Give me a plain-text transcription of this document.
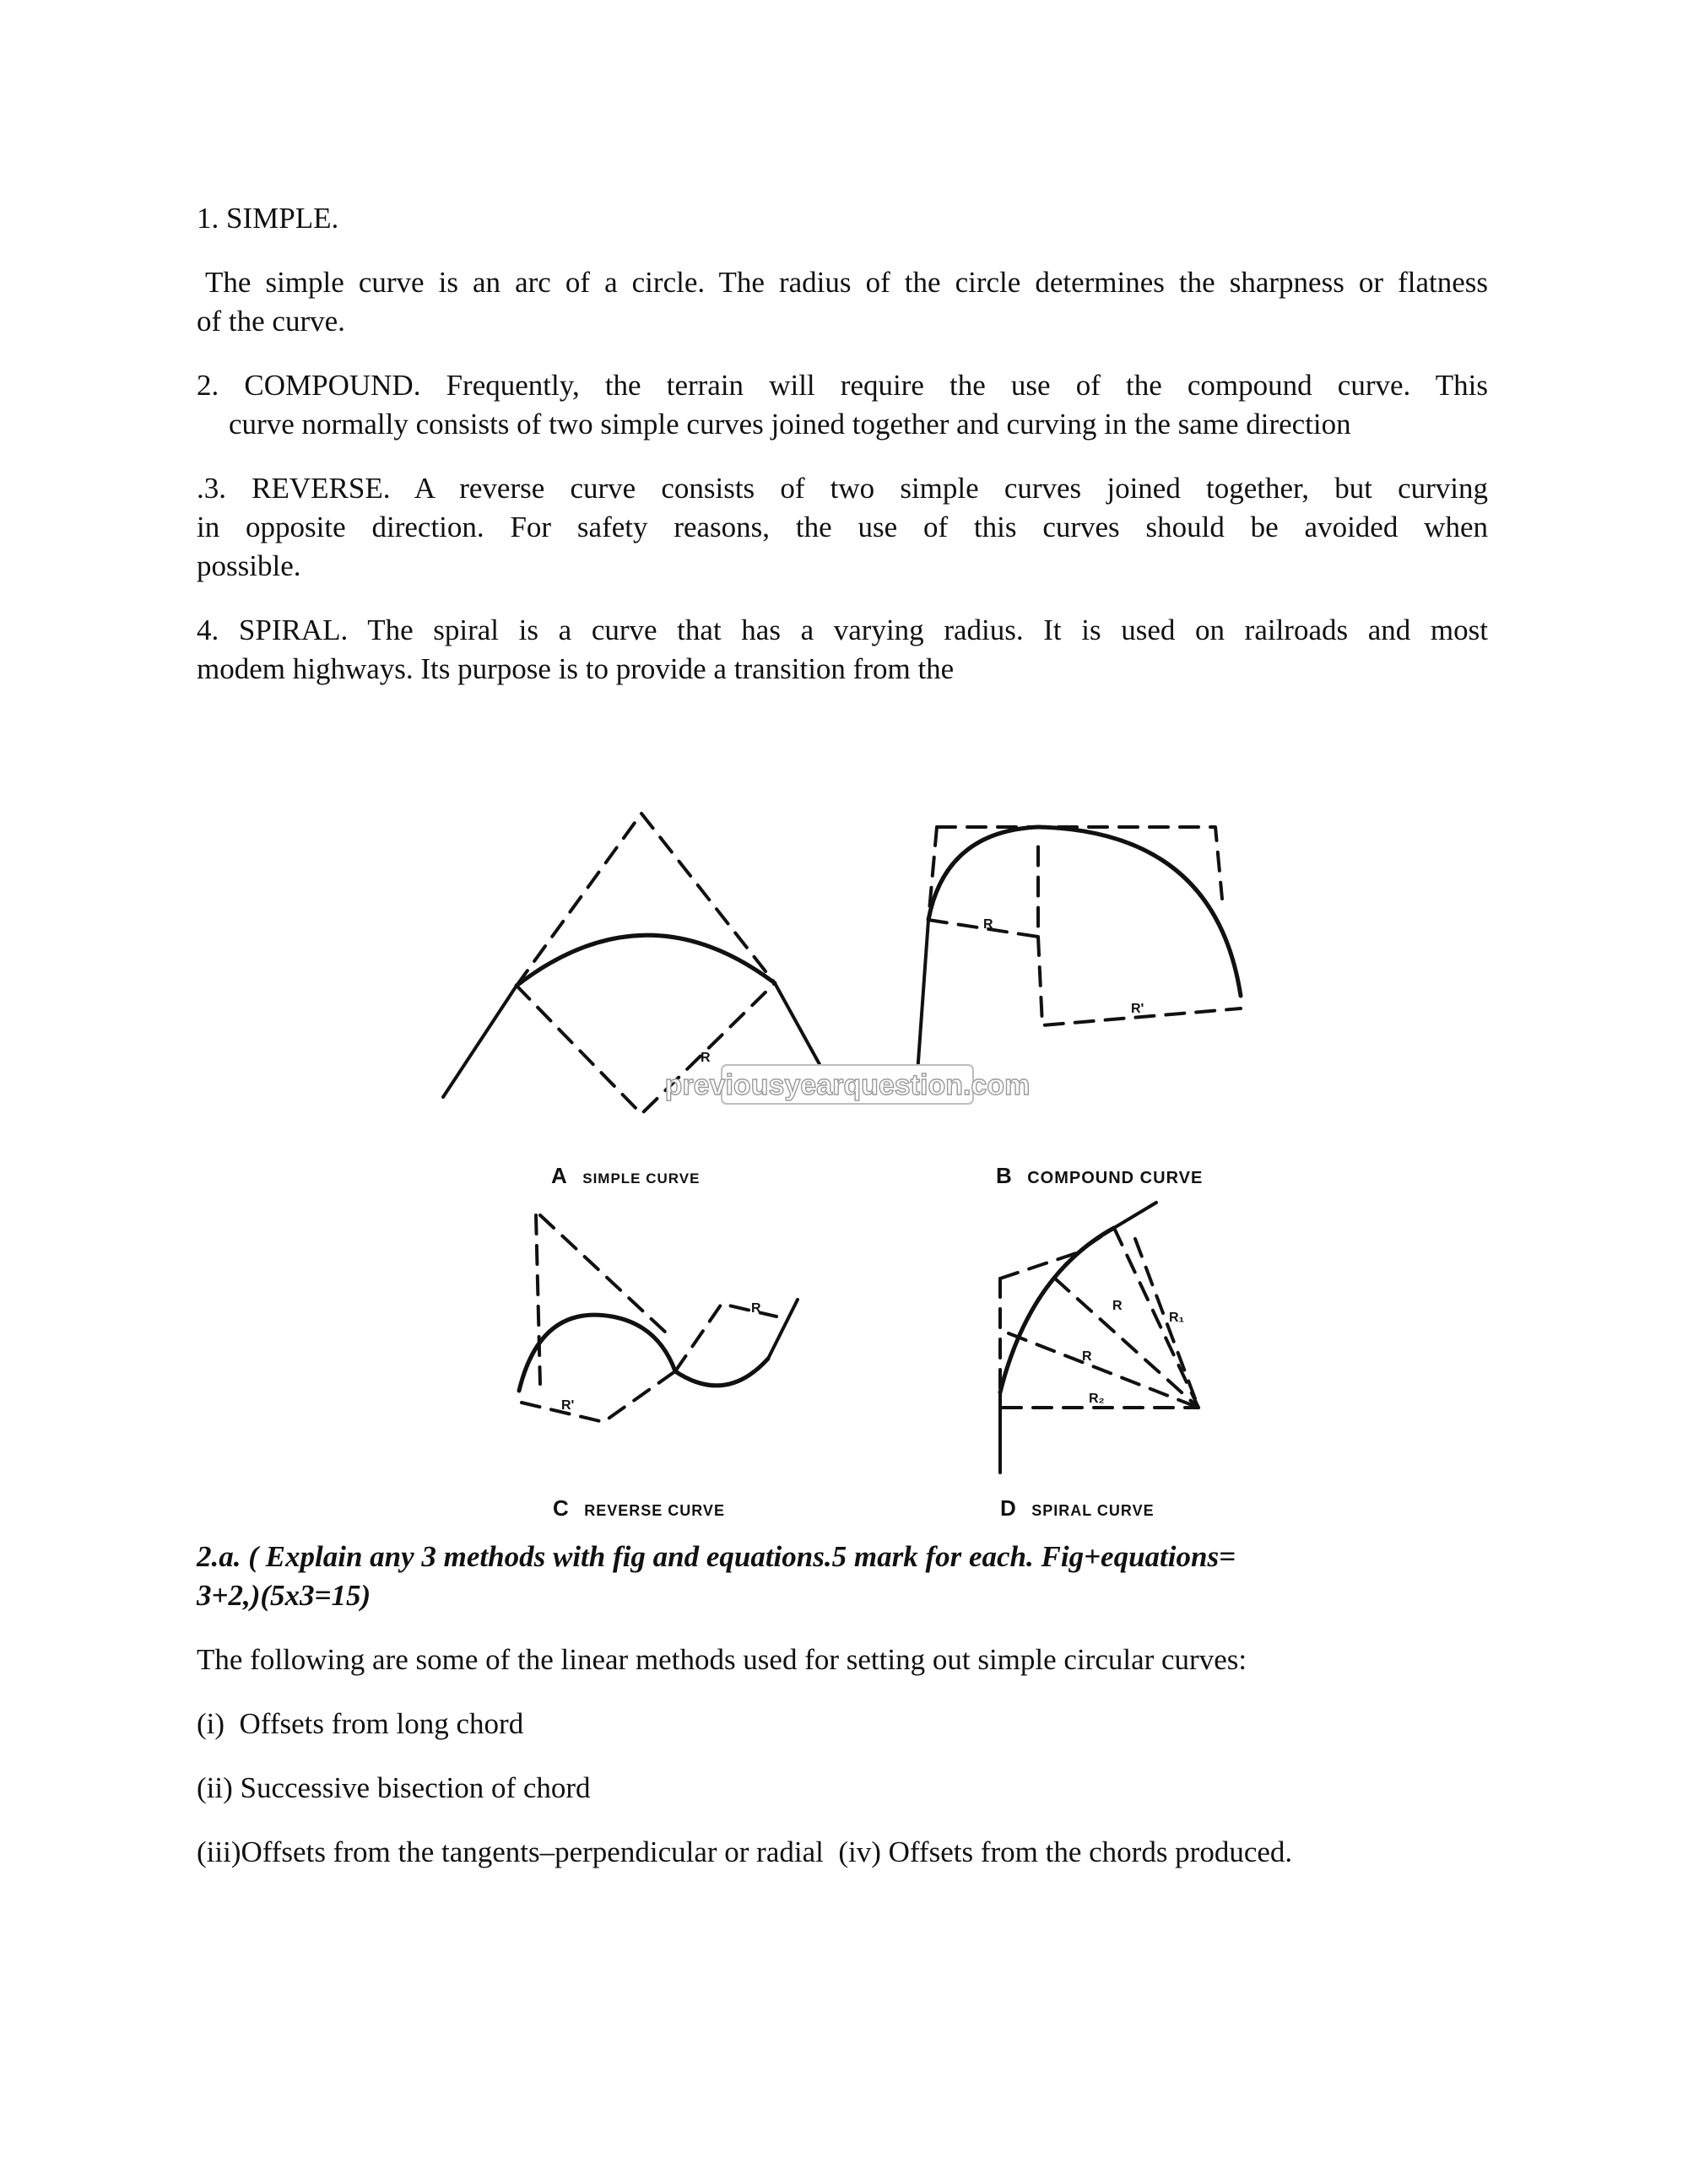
1. SIMPLE.
The simple curve is an arc of a circle. The radius of the circle determines the sharpness or flatness
of the curve.
2. COMPOUND. Frequently, the terrain will require the use of the compound curve. This
curve normally consists of two simple curves joined together and curving in the same direction
.3. REVERSE. A reverse curve consists of two simple curves joined together, but curving
in opposite direction. For safety reasons, the use of this curves should be avoided when
possible.
4. SPIRAL. The spiral is a curve that has a varying radius. It is used on railroads and most
modem highways. Its purpose is to provide a transition from the
R
R
R'
R
R'
R
R
R₁
R₂
previousyearquestion.com
A SIMPLE CURVE	B COMPOUND CURVE
C REVERSE CURVE	D SPIRAL CURVE
2.a. ( Explain any 3 methods with fig and equations.5 mark for each. Fig+equations=
3+2,)(5x3=15)
The following are some of the linear methods used for setting out simple circular curves:
(i)  Offsets from long chord
(ii) Successive bisection of chord
(iii)Offsets from the tangents–perpendicular or radial  (iv) Offsets from the chords produced.
